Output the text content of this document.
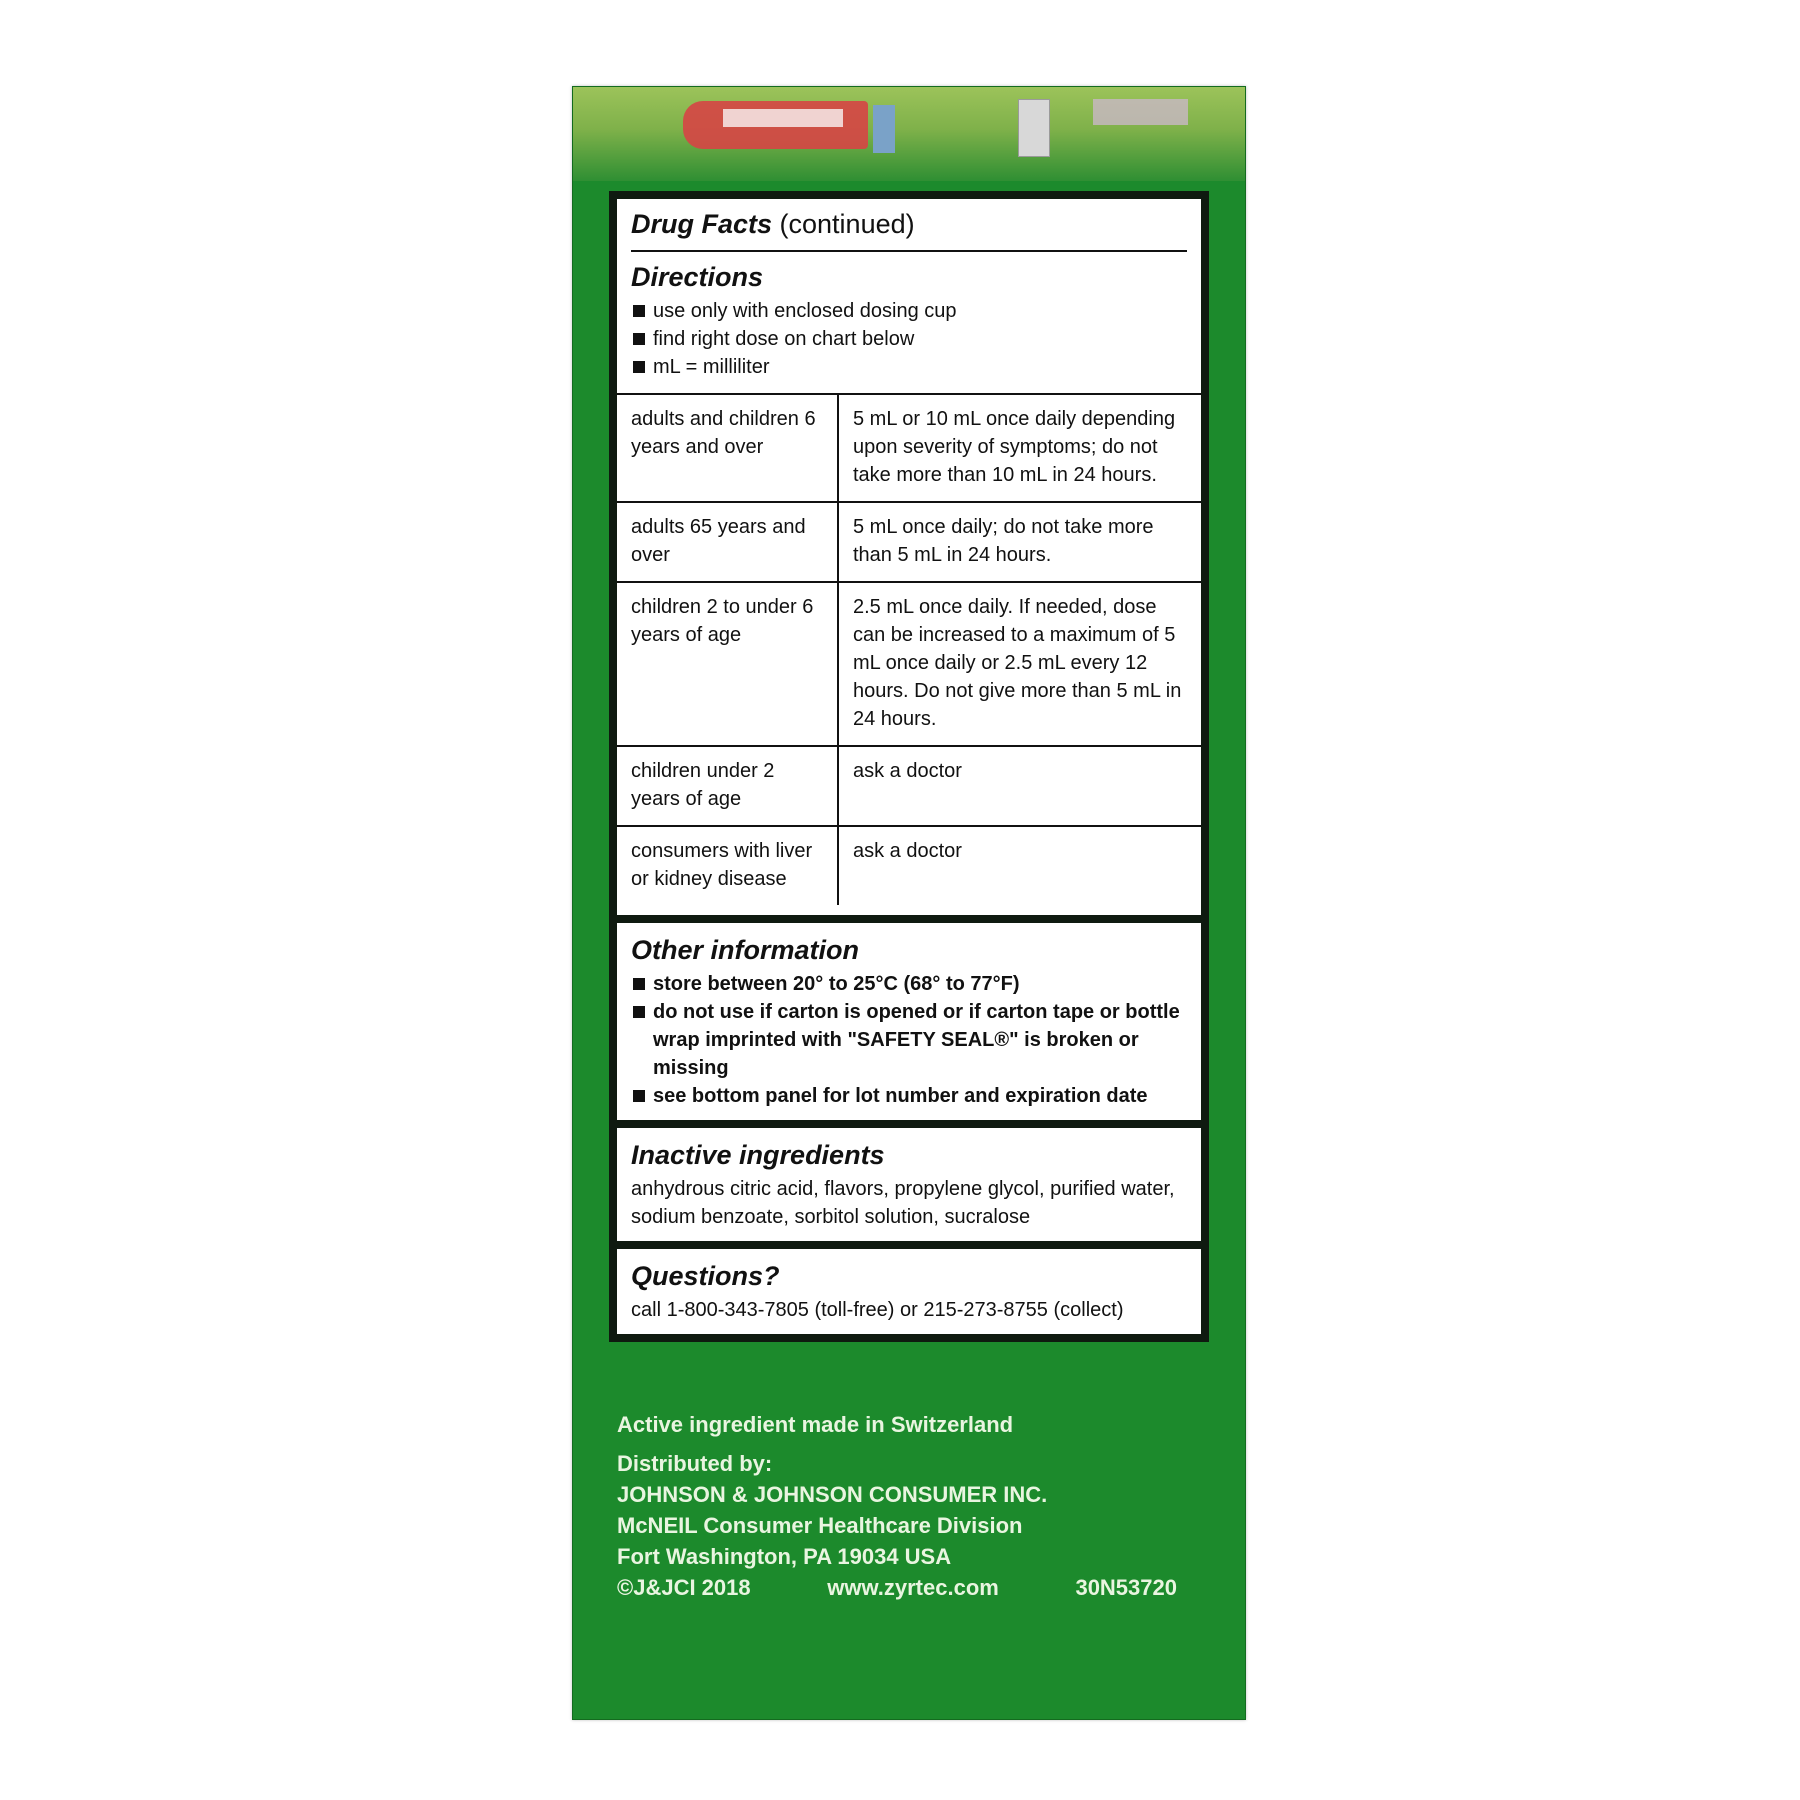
Drug Facts (continued)
Directions
use only with enclosed dosing cup
find right dose on chart below
mL = milliliter
adults and children 6 years and over	5 mL or 10 mL once daily depending upon severity of symptoms; do not take more than 10 mL in 24 hours.
adults 65 years and over	5 mL once daily; do not take more than 5 mL in 24 hours.
children 2 to under 6 years of age	2.5 mL once daily. If needed, dose can be increased to a maximum of 5 mL once daily or 2.5 mL every 12 hours. Do not give more than 5 mL in 24 hours.
children under 2 years of age	ask a doctor
consumers with liver or kidney disease	ask a doctor
Other information
store between 20° to 25°C (68° to 77°F)
do not use if carton is opened or if carton tape or bottle wrap imprinted with "SAFETY SEAL®" is broken or missing
see bottom panel for lot number and expiration date
Inactive ingredients
anhydrous citric acid, flavors, propylene glycol, purified water, sodium benzoate, sorbitol solution, sucralose
Questions?
call 1-800-343-7805 (toll-free) or 215-273-8755 (collect)
Active ingredient made in Switzerland
Distributed by:
JOHNSON & JOHNSON CONSUMER INC.
McNEIL Consumer Healthcare Division
Fort Washington, PA 19034 USA
©J&JCI 2018	www.zyrtec.com	30N53720
